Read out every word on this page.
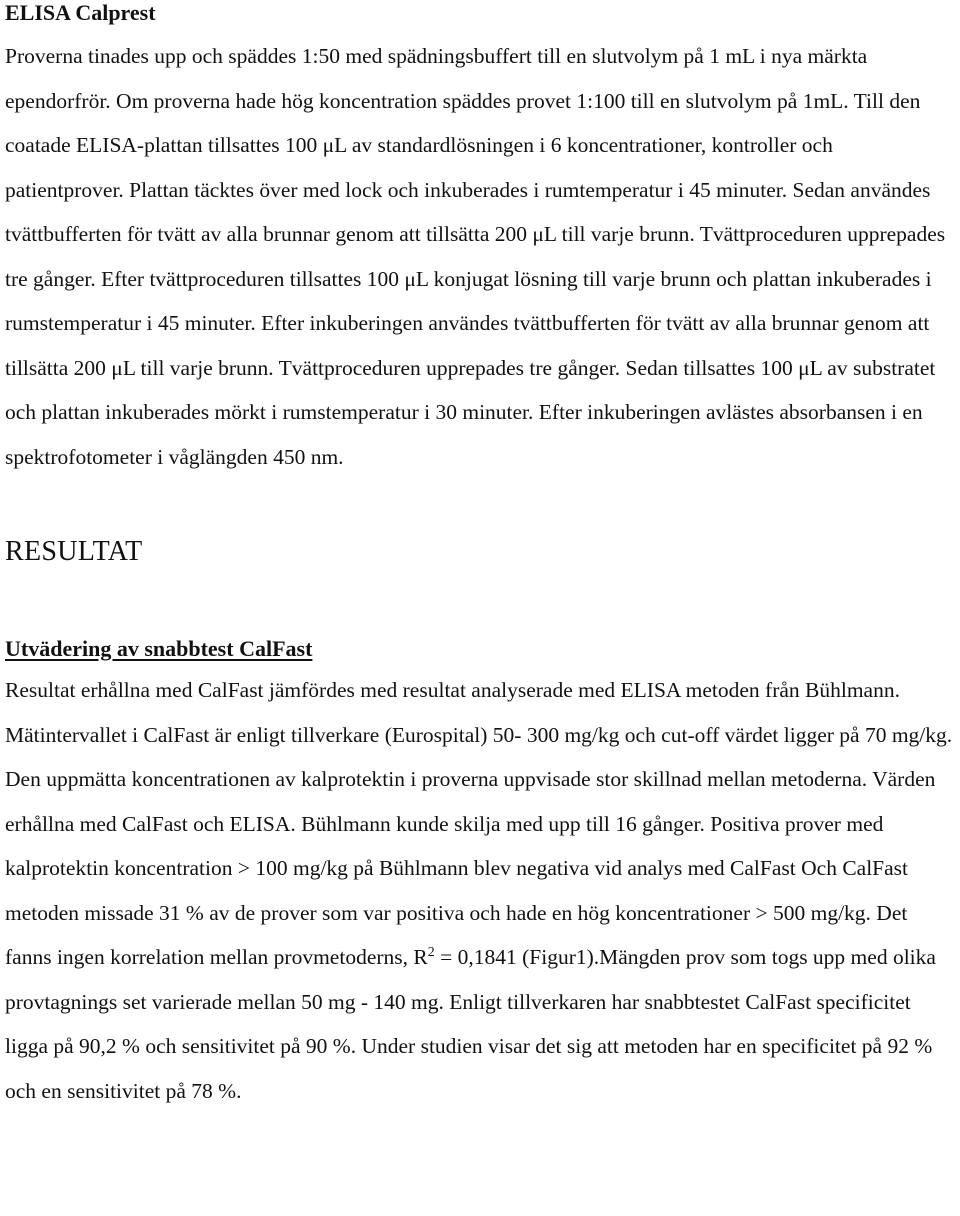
ELISA Calprest

Proverna tinades upp och späddes 1:50 med spädningsbuffert till en slutvolym på 1 mL i nya märkta ependorfrör. Om proverna hade hög koncentration späddes provet 1:100 till en slutvolym på 1mL. Till den coatade ELISA-plattan tillsattes 100 μL av standardlösningen i 6 koncentrationer, kontroller och patientprover. Plattan täcktes över med lock och inkuberades i rumtemperatur i 45 minuter. Sedan användes tvättbufferten för tvätt av alla brunnar genom att tillsätta 200 μL till varje brunn. Tvättproceduren upprepades tre gånger. Efter tvättproceduren tillsattes 100 μL konjugat lösning till varje brunn och plattan inkuberades i rumstemperatur i 45 minuter. Efter inkuberingen användes tvättbufferten för tvätt av alla brunnar genom att tillsätta 200 μL till varje brunn. Tvättproceduren upprepades tre gånger. Sedan tillsattes 100 μL av substratet och plattan inkuberades mörkt i rumstemperatur i 30 minuter. Efter inkuberingen avlästes absorbansen i en spektrofotometer i våglängden 450 nm.

RESULTAT
Utvädering av snabbtest CalFast

Resultat erhållna med CalFast jämfördes med resultat analyserade med ELISA metoden från Bühlmann. Mätintervallet i CalFast är enligt tillverkare (Eurospital) 50- 300 mg/kg och cut-off värdet ligger på 70 mg/kg. Den uppmätta koncentrationen av kalprotektin i proverna uppvisade stor skillnad mellan metoderna. Värden erhållna med CalFast och ELISA. Bühlmann kunde skilja med upp till 16 gånger. Positiva prover med kalprotektin koncentration > 100 mg/kg på Bühlmann blev negativa vid analys med CalFast Och CalFast metoden missade 31 % av de prover som var positiva och hade en hög koncentrationer > 500 mg/kg. Det fanns ingen korrelation mellan provmetoderns, $R^2 = 0,1841$ (Figur1).Mängden prov som togs upp med olika provtagnings set varierade mellan 50 mg - 140 mg. Enligt tillverkaren har snabbtestet CalFast specificitet ligga på 90,2 % och sensitivitet på 90 %. Under studien visar det sig att metoden har en specificitet på 92 % och en sensitivitet på 78 %.
